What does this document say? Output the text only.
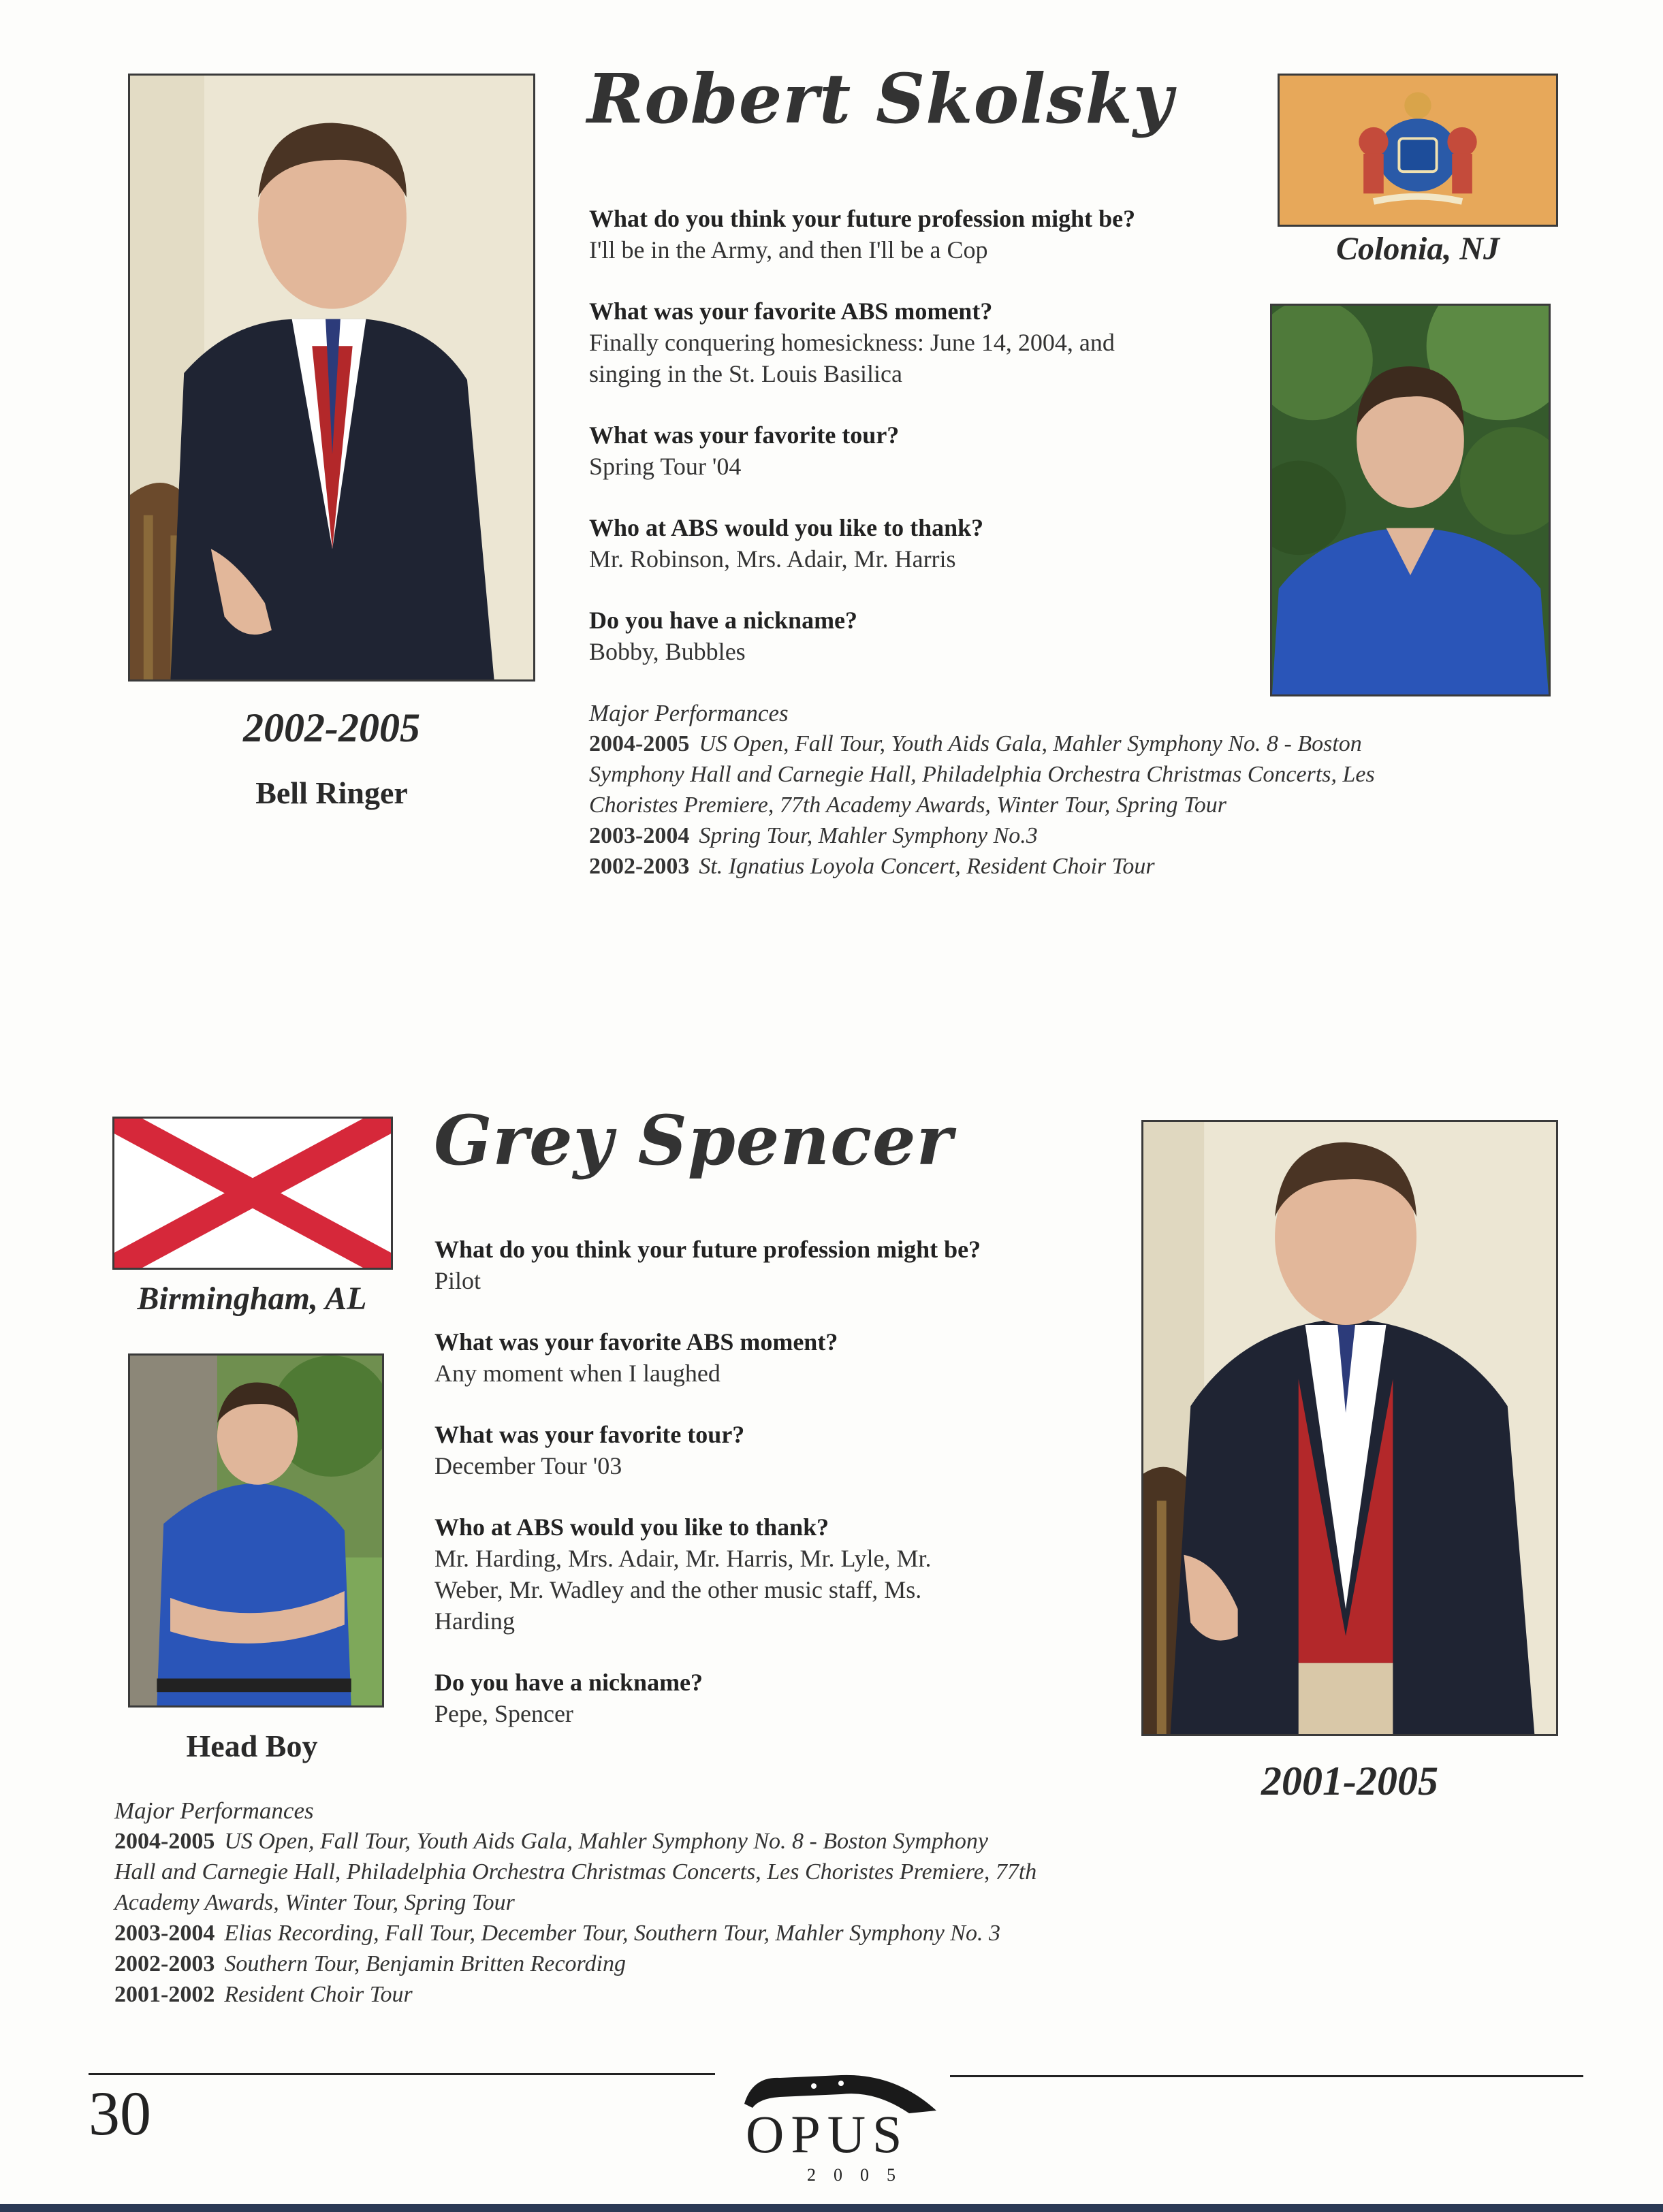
Robert Skolsky

What do you think your future profession might be?

I'll be in the Army, and then I'll be a Cop

What was your favorite ABS moment?

Finally conquering homesickness: June 14, 2004, and
singing in the St. Louis Basilica

What was your favorite tour?

Spring Tour '04

Who at ABS would you like to thank?

Mr. Robinson, Mrs. Adair, Mr. Harris

Do you have a nickname?

Bobby, Bubbles

Major Performances
2004-2005 US Open, Fall Tour, Youth Aids Gala, Mahler Symphony No. 8 - Boston
Symphony Hall and Carnegie Hall, Philadelphia Orchestra Christmas Concerts, Les
Choristes Premiere, 77th Academy Awards, Winter Tour, Spring Tour
2003-2004 Spring Tour, Mahler Symphony No.3
2002-2003 St. Ignatius Loyola Concert, Resident Choir Tour
Colonia, NJ
2002-2005
Bell Ringer
Birmingham, AL
Head Boy
Grey Spencer

What do you think your future profession might be?

Pilot

What was your favorite ABS moment?

Any moment when I laughed

What was your favorite tour?

December Tour '03

Who at ABS would you like to thank?

Mr. Harding, Mrs. Adair, Mr. Harris, Mr. Lyle, Mr.
Weber, Mr. Wadley and the other music staff, Ms.
Harding

Do you have a nickname?

Pepe, Spencer

2001-2005
Major Performances
2004-2005 US Open, Fall Tour, Youth Aids Gala, Mahler Symphony No. 8 - Boston Symphony
Hall and Carnegie Hall, Philadelphia Orchestra Christmas Concerts, Les Choristes Premiere, 77th
Academy Awards, Winter Tour, Spring Tour
2003-2004 Elias Recording, Fall Tour, December Tour, Southern Tour, Mahler Symphony No. 3
2002-2003 Southern Tour, Benjamin Britten Recording
2001-2002 Resident Choir Tour
30	OPUS
2005
